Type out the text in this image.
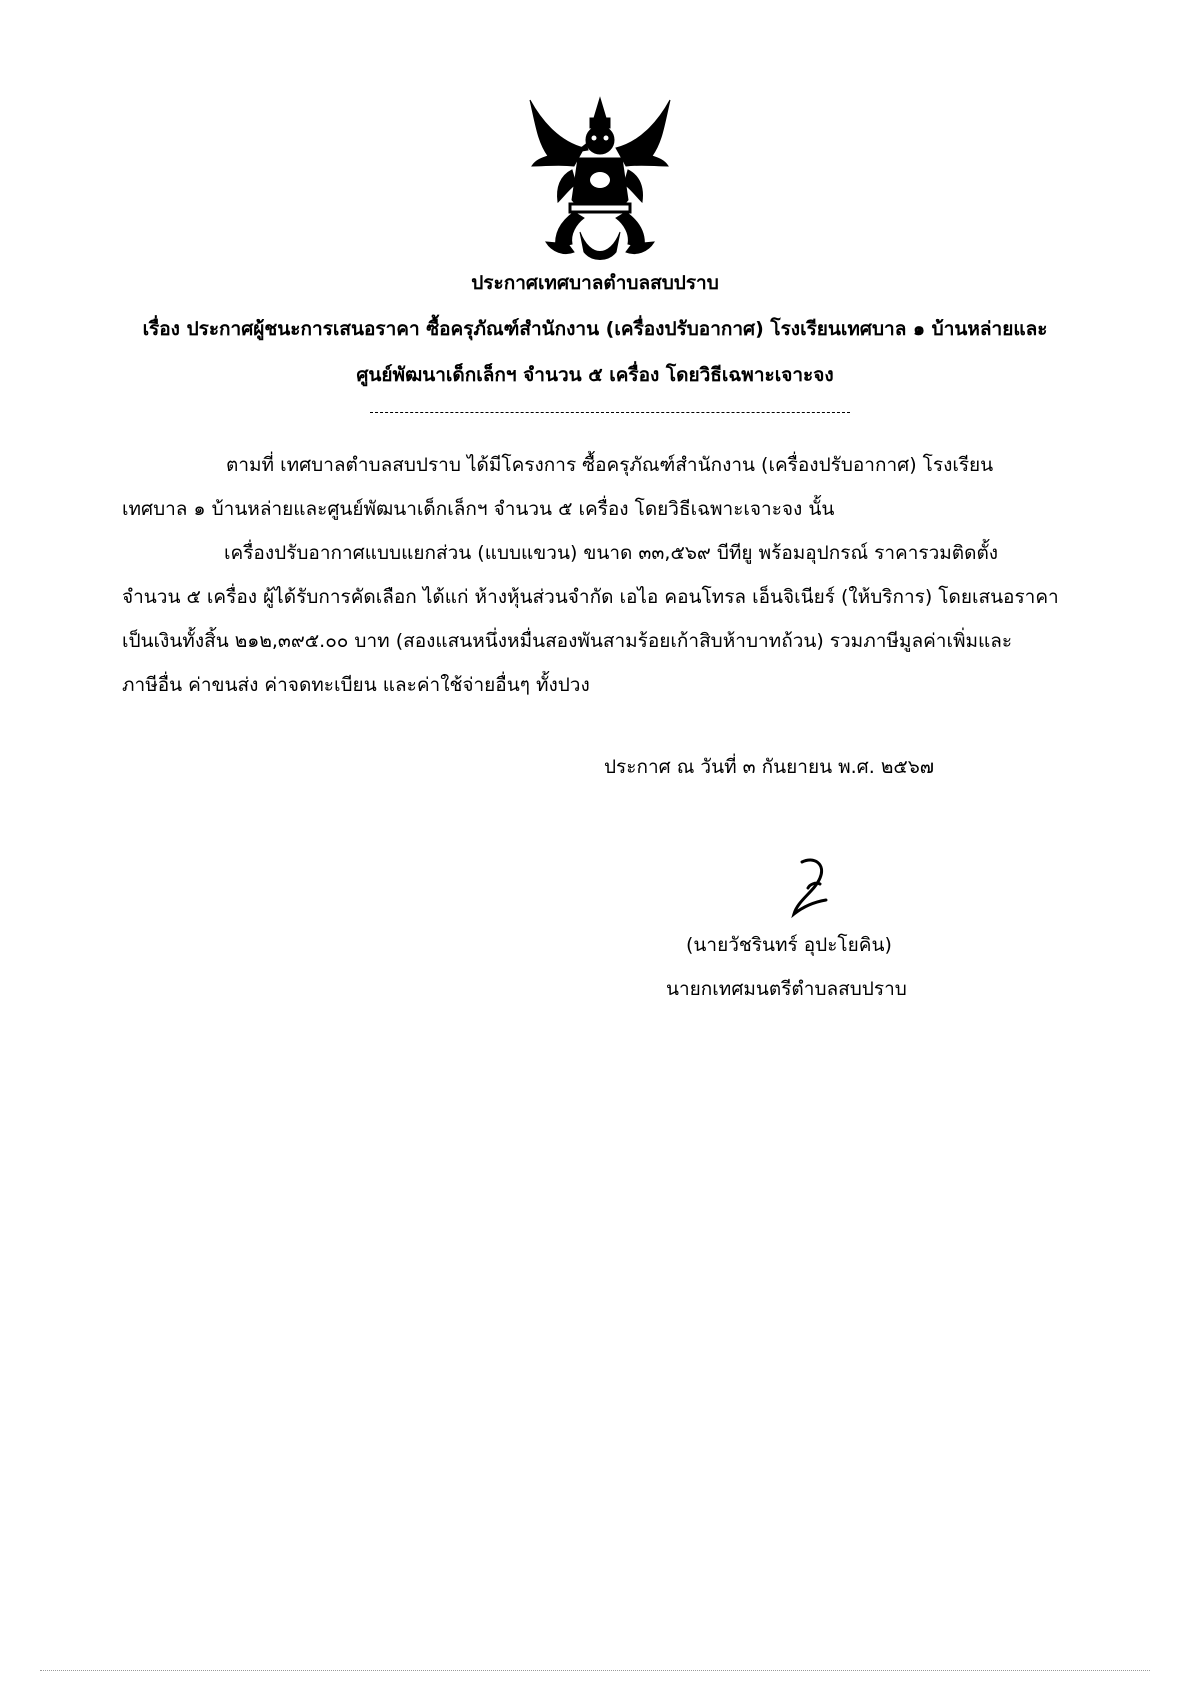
ประกาศเทศบาลตำบลสบปราบ
เรื่อง ประกาศผู้ชนะการเสนอราคา ซื้อครุภัณฑ์สำนักงาน (เครื่องปรับอากาศ) โรงเรียนเทศบาล ๑ บ้านหล่ายและ
ศูนย์พัฒนาเด็กเล็กฯ จำนวน ๕ เครื่อง โดยวิธีเฉพาะเจาะจง
ตามที่ เทศบาลตำบลสบปราบ ได้มีโครงการ ซื้อครุภัณฑ์สำนักงาน (เครื่องปรับอากาศ) โรงเรียน
เทศบาล ๑ บ้านหล่ายและศูนย์พัฒนาเด็กเล็กฯ จำนวน ๕ เครื่อง โดยวิธีเฉพาะเจาะจง นั้น
เครื่องปรับอากาศแบบแยกส่วน (แบบแขวน) ขนาด ๓๓,๕๖๙ บีทียู พร้อมอุปกรณ์ ราคารวมติดตั้ง
จำนวน ๕ เครื่อง ผู้ได้รับการคัดเลือก ได้แก่ ห้างหุ้นส่วนจำกัด เอไอ คอนโทรล เอ็นจิเนียร์ (ให้บริการ) โดยเสนอราคา
เป็นเงินทั้งสิ้น ๒๑๒,๓๙๕.๐๐ บาท (สองแสนหนึ่งหมื่นสองพันสามร้อยเก้าสิบห้าบาทถ้วน) รวมภาษีมูลค่าเพิ่มและ
ภาษีอื่น ค่าขนส่ง ค่าจดทะเบียน และค่าใช้จ่ายอื่นๆ ทั้งปวง
ประกาศ ณ วันที่ ๓ กันยายน พ.ศ. ๒๕๖๗
(นายวัชรินทร์ อุปะโยคิน)
นายกเทศมนตรีตำบลสบปราบ
